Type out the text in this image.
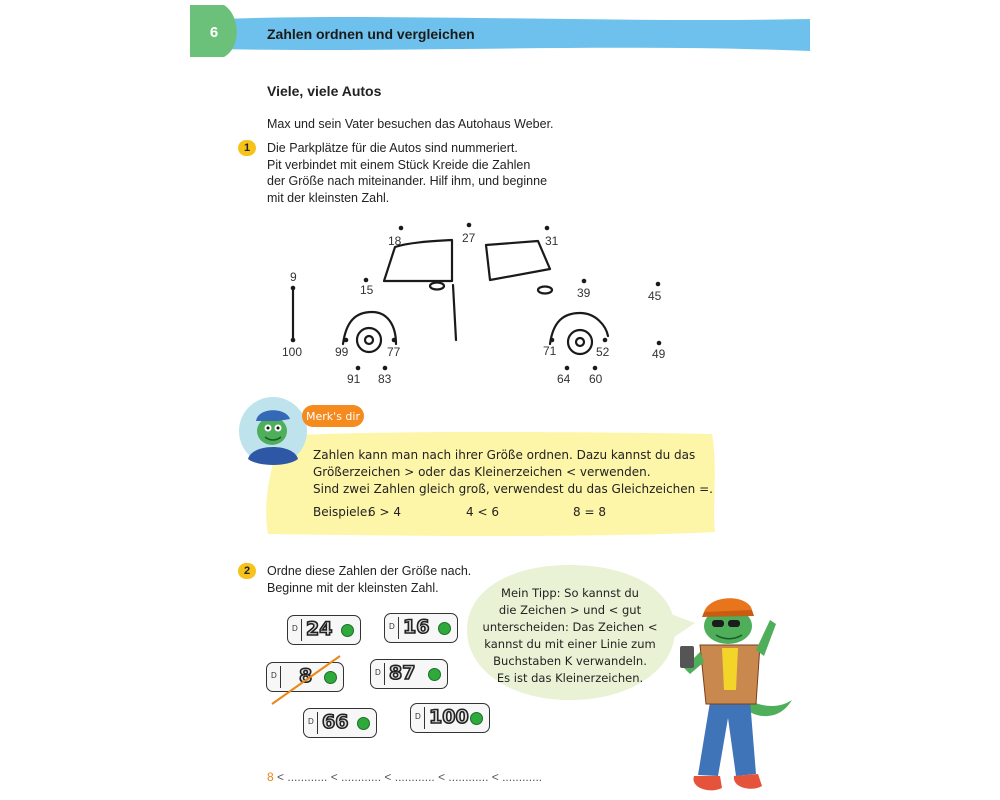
6	Zahlen ordnen und vergleichen
Viele, viele Autos
Max und sein Vater besuchen das Autohaus Weber.
1	Die Parkplätze für die Autos sind nummeriert.
Pit verbindet mit einem Stück Kreide die Zahlen
der Größe nach miteinander. Hilf ihm, und beginne
mit der kleinsten Zahl.
18	27	31
9
15	39	45
100	99	77	71	52	49
91 83	64 60
Merk's dir
Zahlen kann man nach ihrer Größe ordnen. Dazu kannst du das
Größerzeichen > oder das Kleinerzeichen < verwenden.
Sind zwei Zahlen gleich groß, verwendest du das Gleichzeichen =.
Beispiele:
6 > 4	4 < 6	8 = 8
2	Ordne diese Zahlen der Größe nach.
Beginne mit der kleinsten Zahl.
D 24	D 16
D 8	D 87
D 66	D 100
Mein Tipp: So kannst du
die Zeichen > und < gut
unterscheiden: Das Zeichen <
kannst du mit einer Linie zum
Buchstaben K verwandeln.
Es ist das Kleinerzeichen.
8 < ............ < ............ < ............ < ............ < ............
